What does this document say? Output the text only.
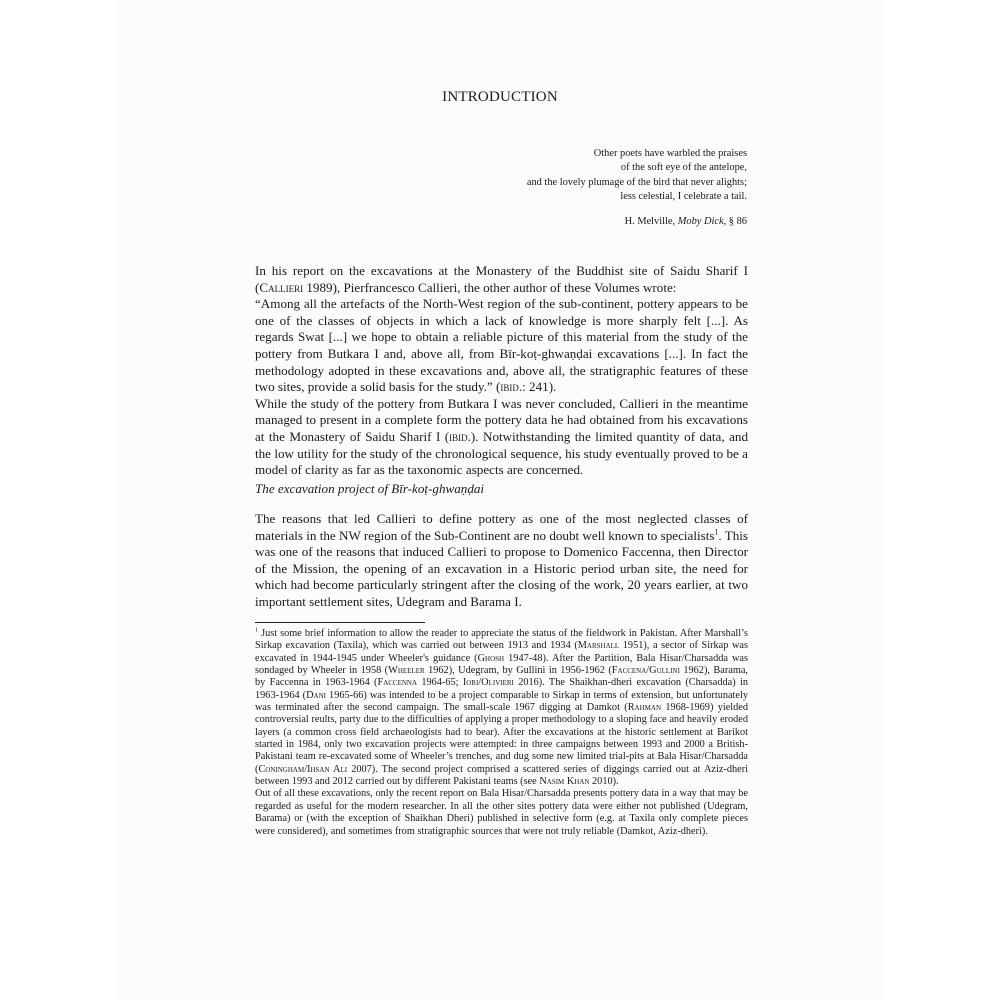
INTRODUCTION
Other poets have warbled the praises
of the soft eye of the antelope,
and the lovely plumage of the bird that never alights;
less celestial, I celebrate a tail.
H. Melville, Moby Dick, § 86

In his report on the excavations at the Monastery of the Buddhist site of Saidu Sharif I (Callieri 1989), Pierfrancesco Callieri, the other author of these Volumes wrote:

“Among all the artefacts of the North-West region of the sub-continent, pottery appears to be one of the classes of objects in which a lack of knowledge is more sharply felt [...]. As regards Swat [...] we hope to obtain a reliable picture of this material from the study of the pottery from Butkara I and, above all, from Bīr-koṭ-ghwaṇḍai excavations [...]. In fact the methodology adopted in these excavations and, above all, the stratigraphic features of these two sites, provide a solid basis for the study.” (ibid.: 241).

While the study of the pottery from Butkara I was never concluded, Callieri in the meantime managed to present in a complete form the pottery data he had obtained from his excavations at the Monastery of Saidu Sharif I (ibid.). Notwithstanding the limited quantity of data, and the low utility for the study of the chronological sequence, his study eventually proved to be a model of clarity as far as the taxonomic aspects are concerned.

The excavation project of Bīr-koṭ-ghwaṇḍai

The reasons that led Callieri to define pottery as one of the most neglected classes of materials in the NW region of the Sub-Continent are no doubt well known to specialists$^1$. This was one of the reasons that induced Callieri to propose to Domenico Faccenna, then Director of the Mission, the opening of an excavation in a Historic period urban site, the need for which had become particularly stringent after the closing of the work, 20 years earlier, at two important settlement sites, Udegram and Barama I.

$^1$ Just some brief information to allow the reader to appreciate the status of the fieldwork in Pakistan. After Marshall’s Sirkap excavation (Taxila), which was carried out between 1913 and 1934 (Marshall 1951), a sector of Sirkap was excavated in 1944-1945 under Wheeler's guidance (Ghosh 1947-48). After the Partition, Bala Hisar/Charsadda was sondaged by Wheeler in 1958 (Wheeler 1962), Udegram, by Gullini in 1956-1962 (Faccena/Gullini 1962), Barama, by Faccenna in 1963-1964 (Faccenna 1964-65; Iori/Olivieri 2016). The Shaikhan-dheri excavation (Charsadda) in 1963-1964 (Dani 1965-66) was intended to be a project comparable to Sirkap in terms of extension, but unfortunately was terminated after the second campaign. The small-scale 1967 digging at Damkot (Rahman 1968-1969) yielded controversial reults, party due to the difficulties of applying a proper methodology to a sloping face and heavily eroded layers (a common cross field archaeologists had to bear). After the excavations at the historic settlement at Barikot started in 1984, only two excavation projects were attempted: in three campaigns between 1993 and 2000 a British-Pakistani team re-excavated some of Wheeler’s trenches, and dug some new limited trial-pits at Bala Hisar/Charsadda (Coningham/Ihsan Ali 2007). The second project comprised a scattered series of diggings carried out at Aziz-dheri between 1993 and 2012 carried out by different Pakistani teams (see Nasim Khan 2010).

Out of all these excavations, only the recent report on Bala Hisar/Charsadda presents pottery data in a way that may be regarded as useful for the modern researcher. In all the other sites pottery data were either not published (Udegram, Barama) or (with the exception of Shaikhan Dheri) published in selective form (e.g. at Taxila only complete pieces were considered), and sometimes from stratigraphic sources that were not truly reliable (Damkot, Aziz-dheri).
